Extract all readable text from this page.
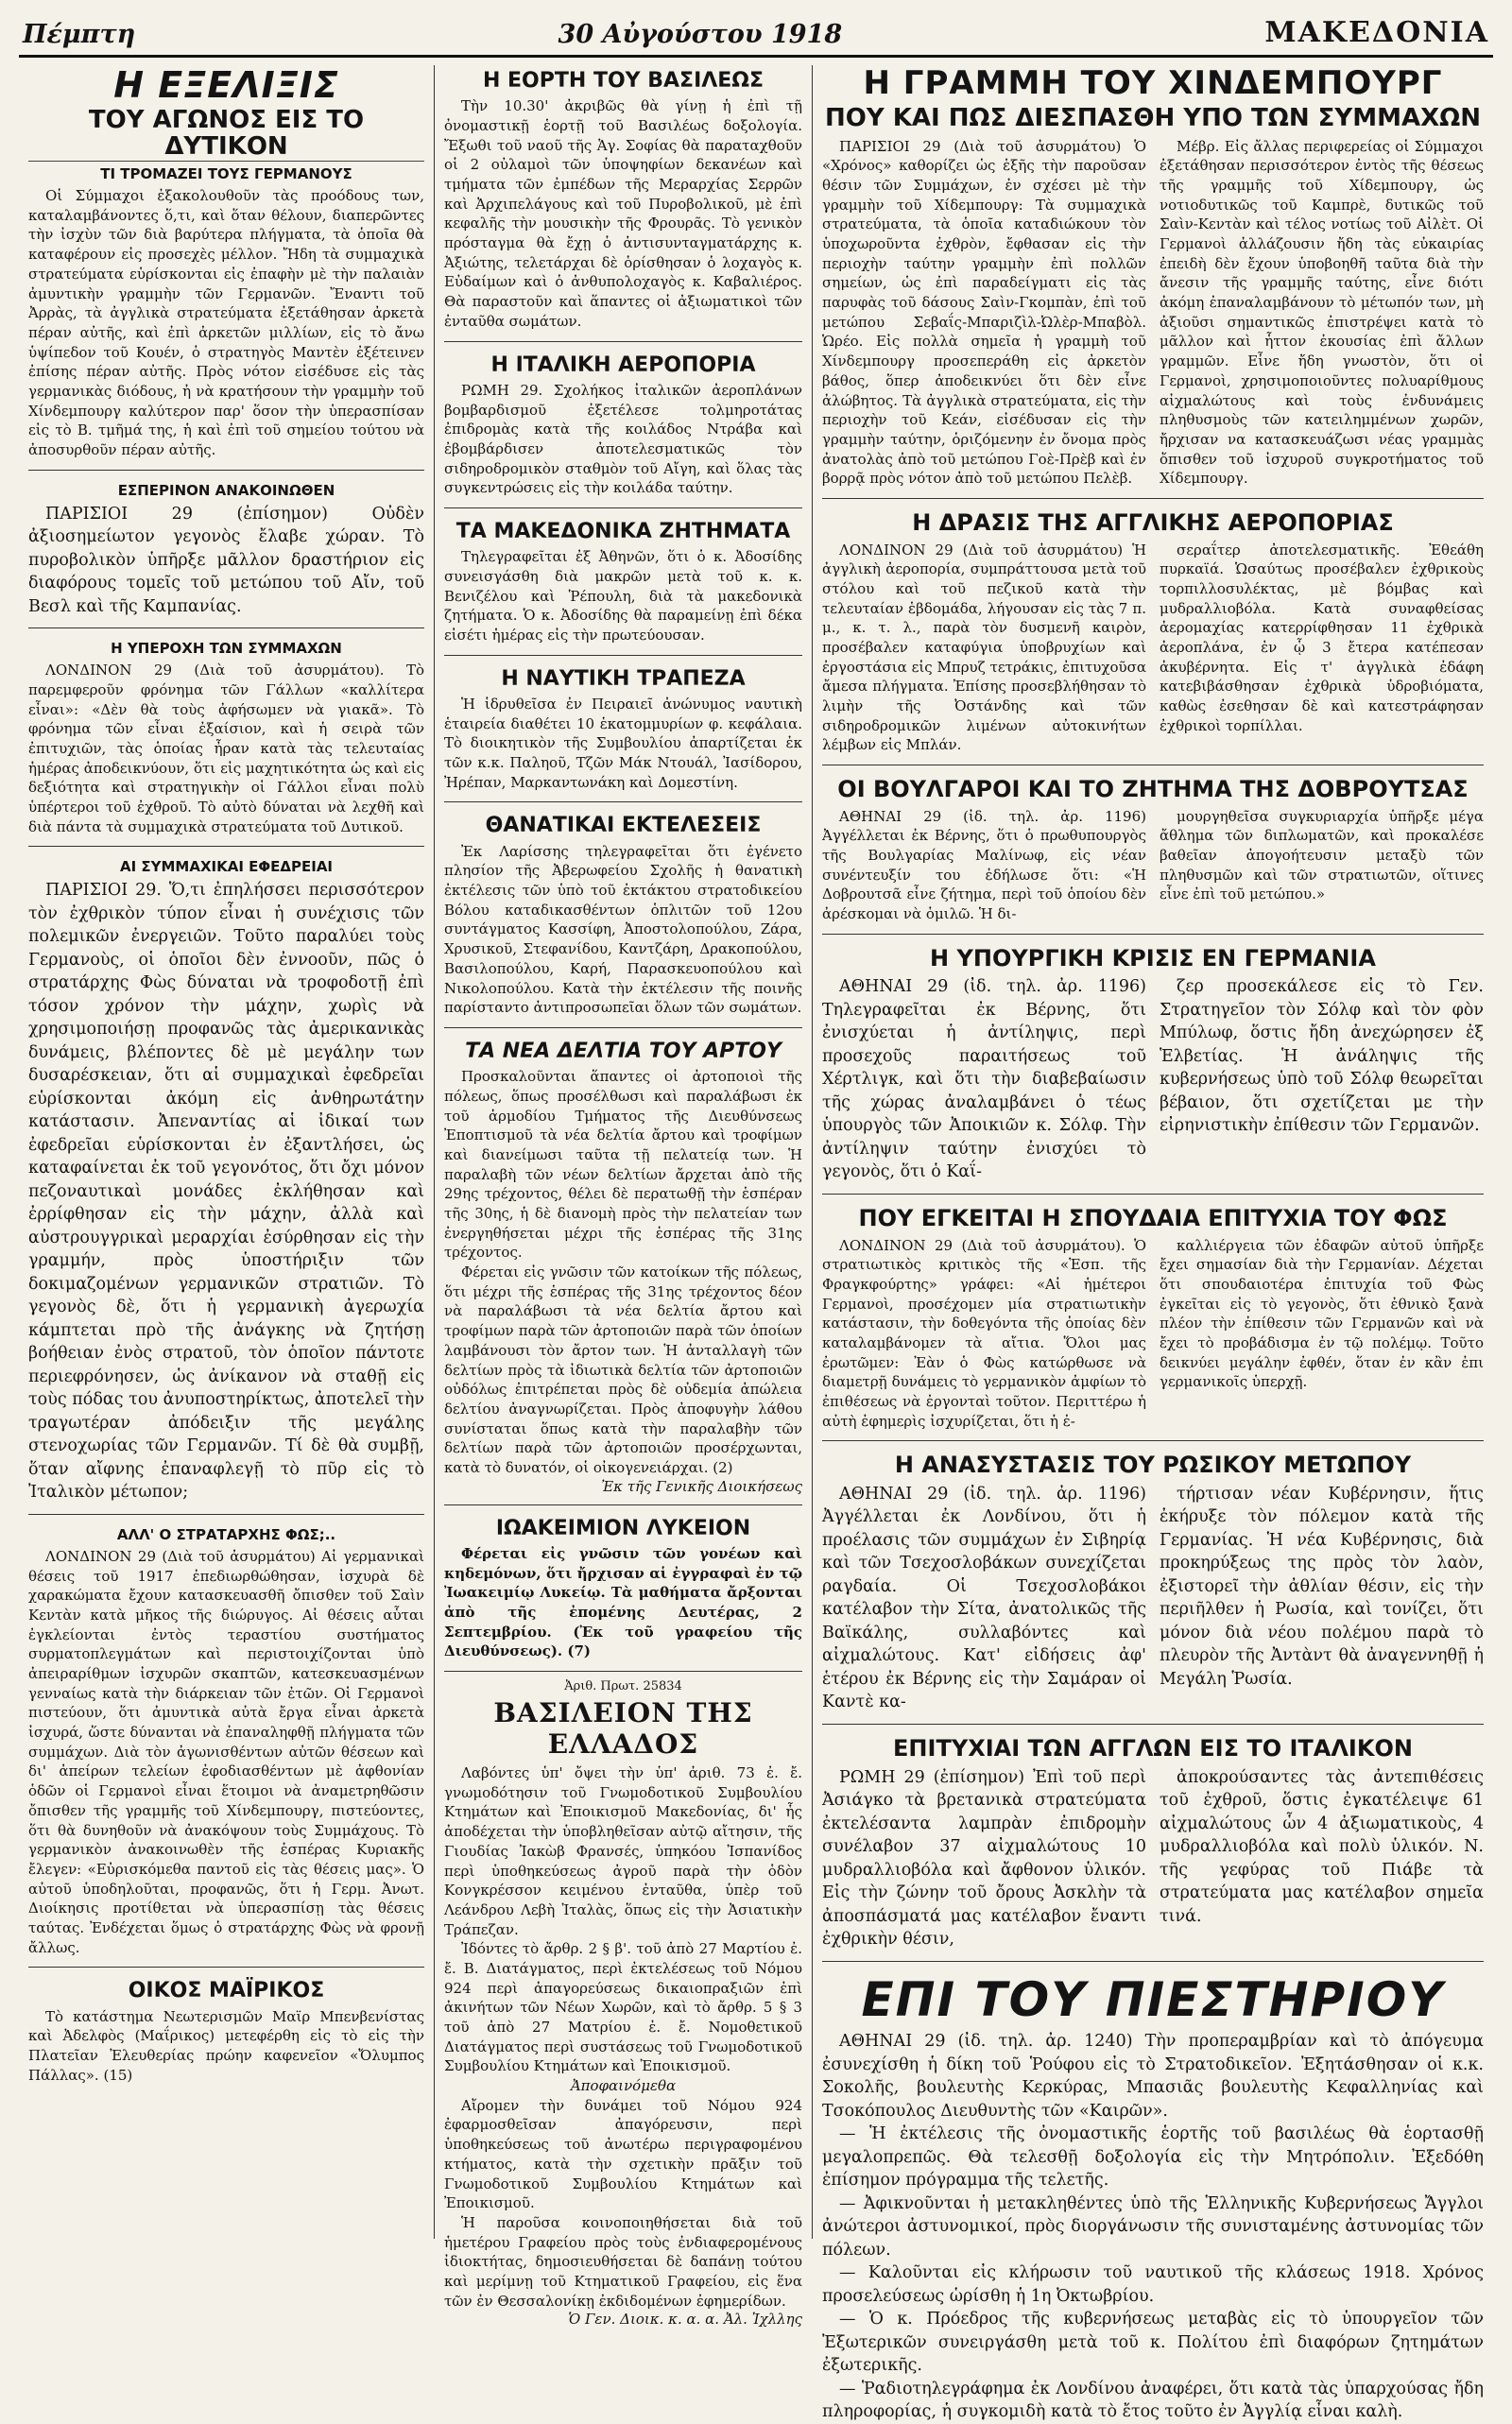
Πέμπτη	30 Αὐγούστου 1918	ΜΑΚΕΔΟΝΙΑ
Η ΕΞΕΛΙΞΙΣ
ΤΟΥ ΑΓΩΝΟΣ ΕΙΣ ΤΟ ΔΥΤΙΚΟΝ
ΤΙ ΤΡΟΜΑΖΕΙ ΤΟΥΣ ΓΕΡΜΑΝΟΥΣ

Οἱ Σύμμαχοι ἐξακολουθοῦν τὰς προόδους των, καταλαμβάνοντες ὅ,τι, καὶ ὅταν θέλουν, διαπερῶντες τὴν ἰσχὺν τῶν διὰ βαρύτερα πλήγματα, τὰ ὁποῖα θὰ καταφέρουν εἰς προσεχὲς μέλλον. Ἤδη τὰ συμμαχικὰ στρατεύματα εὑρίσκονται εἰς ἐπαφὴν μὲ τὴν παλαιὰν ἀμυντικὴν γραμμὴν τῶν Γερμανῶν. Ἔναντι τοῦ Ἀρρὰς, τὰ ἀγγλικὰ στρατεύματα ἐξετάθησαν ἀρκετὰ πέραν αὐτῆς, καὶ ἐπὶ ἀρκετῶν μιλλίων, εἰς τὸ ἄνω ὑψίπεδον τοῦ Κουέν, ὁ στρατηγὸς Μαντὲν ἐξέτεινεν ἐπίσης πέραν αὐτῆς. Πρὸς νότον εἰσέδυσε εἰς τὰς γερμανικὰς διόδους, ἡ νὰ κρατήσουν τὴν γραμμὴν τοῦ Χίνδεμπουργ καλύτερον παρ' ὅσον τὴν ὑπερασπίσαν εἰς τὸ Β. τμῆμά της, ἡ καὶ ἐπὶ τοῦ σημείου τούτου νὰ ἀποσυρθοῦν πέραν αὐτῆς.

ΕΣΠΕΡΙΝΟΝ ΑΝΑΚΟΙΝΩΘΕΝ

ΠΑΡΙΣΙΟΙ 29 (ἐπίσημον) Οὐδὲν ἀξιοσημείωτον γεγονὸς ἔλαβε χώραν. Τὸ πυροβολικὸν ὑπῆρξε μᾶλλον δραστήριον εἰς διαφόρους τομεῖς τοῦ μετώπου τοῦ Αἴν, τοῦ Βεσλ καὶ τῆς Καμπανίας.

Η ΥΠΕΡΟΧΗ ΤΩΝ ΣΥΜΜΑΧΩΝ

ΛΟΝΔΙΝΟΝ 29 (Διὰ τοῦ ἀσυρμάτου). Τὸ παρεμφεροῦν φρόνημα τῶν Γάλλων «καλλίτερα εἶναι»: «Δὲν θὰ τοὺς ἀφήσωμεν νὰ γιακᾶ». Τὸ φρόνημα τῶν εἶναι ἐξαίσιον, καὶ ἡ σειρὰ τῶν ἐπιτυχιῶν, τὰς ὁποίας ἦραν κατὰ τὰς τελευταίας ἡμέρας ἀποδεικνύουν, ὅτι εἰς μαχητικότητα ὡς καὶ εἰς δεξιότητα καὶ στρατηγικὴν οἱ Γάλλοι εἶναι πολὺ ὑπέρτεροι τοῦ ἐχθροῦ. Τὸ αὐτὸ δύναται νὰ λεχθῆ καὶ διὰ πάντα τὰ συμμαχικὰ στρατεύματα τοῦ Δυτικοῦ.

ΑΙ ΣΥΜΜΑΧΙΚΑΙ ΕΦΕΔΡΕΙΑΙ

ΠΑΡΙΣΙΟΙ 29. Ὅ,τι ἐπηλήσσει περισσότερον τὸν ἐχθρικὸν τύπον εἶναι ἡ συνέχισις τῶν πολεμικῶν ἐνεργειῶν. Τοῦτο παραλύει τοὺς Γερμανοὺς, οἱ ὁποῖοι δὲν ἐννοοῦν, πῶς ὁ στρατάρχης Φὼς δύναται νὰ τροφοδοτῇ ἐπὶ τόσον χρόνον τὴν μάχην, χωρὶς νὰ χρησιμοποιήσῃ προφανῶς τὰς ἀμερικανικὰς δυνάμεις, βλέποντες δὲ μὲ μεγάλην των δυσαρέσκειαν, ὅτι αἱ συμμαχικαὶ ἐφεδρεῖαι εὑρίσκονται ἀκόμη εἰς ἀνθηρωτάτην κατάστασιν. Ἀπεναντίας αἱ ἰδικαί των ἐφεδρεῖαι εὑρίσκονται ἐν ἐξαντλήσει, ὡς καταφαίνεται ἐκ τοῦ γεγονότος, ὅτι ὄχι μόνον πεζοναυτικαὶ μονάδες ἐκλήθησαν καὶ ἐρρίφθησαν εἰς τὴν μάχην, ἀλλὰ καὶ αὐστρουγγρικαὶ μεραρχίαι ἐσύρθησαν εἰς τὴν γραμμήν, πρὸς ὑποστήριξιν τῶν δοκιμαζομένων γερμανικῶν στρατιῶν. Τὸ γεγονὸς δὲ, ὅτι ἡ γερμανικὴ ἀγερωχία κάμπτεται πρὸ τῆς ἀνάγκης νὰ ζητήσῃ βοήθειαν ἐνὸς στρατοῦ, τὸν ὁποῖον πάντοτε περιεφρόνησεν, ὡς ἀνίκανον νὰ σταθῇ εἰς τοὺς πόδας του ἀνυποστηρίκτως, ἀποτελεῖ τὴν τραγωτέραν ἀπόδειξιν τῆς μεγάλης στενοχωρίας τῶν Γερμανῶν. Τί δὲ θὰ συμβῇ, ὅταν αἴφνης ἐπαναφλεγῇ τὸ πῦρ εἰς τὸ Ἰταλικὸν μέτωπον;

ΑΛΛ' Ο ΣΤΡΑΤΑΡΧΗΣ ΦΩΣ;..

ΛΟΝΔΙΝΟΝ 29 (Διὰ τοῦ ἀσυρμάτου) Αἱ γερμανικαὶ θέσεις τοῦ 1917 ἐπεδιωρθώθησαν, ἰσχυρὰ δὲ χαρακώματα ἔχουν κατασκευασθῆ ὄπισθεν τοῦ Σαὶν Κεντὰν κατὰ μῆκος τῆς διώρυγος. Αἱ θέσεις αὗται ἐγκλείονται ἐντὸς τεραστίου συστήματος συρματοπλεγμάτων καὶ περιστοιχίζονται ὑπὸ ἀπειραρίθμων ἰσχυρῶν σκαπτῶν, κατεσκευασμένων γενναίως κατὰ τὴν διάρκειαν τῶν ἐτῶν. Οἱ Γερμανοὶ πιστεύουν, ὅτι ἀμυντικὰ αὐτὰ ἔργα εἶναι ἀρκετὰ ἰσχυρά, ὥστε δύνανται νὰ ἐπαναληφθῇ πλήγματα τῶν συμμάχων. Διὰ τὸν ἀγωνισθέντων αὐτῶν θέσεων καὶ δι' ἀπείρων τελείων ἐφοδιασθέντων μὲ ἀφθονίαν ὁδῶν οἱ Γερμανοὶ εἶναι ἕτοιμοι νὰ ἀναμετρηθῶσιν ὄπισθεν τῆς γραμμῆς τοῦ Χίνδεμπουργ, πιστεύοντες, ὅτι θὰ δυνηθοῦν νὰ ἀνακόψουν τοὺς Συμμάχους. Τὸ γερμανικὸν ἀνακοινωθὲν τῆς ἑσπέρας Κυριακῆς ἔλεγεν: «Εὐρισκόμεθα παντοῦ εἰς τὰς θέσεις μας». Ὁ αὐτοῦ ὑποδηλοῦται, προφανῶς, ὅτι ἡ Γερμ. Ἀνωτ. Διοίκησις προτίθεται νὰ ὑπερασπίσῃ τὰς θέσεις ταύτας. Ἐνδέχεται ὅμως ὁ στρατάρχης Φὼς νὰ φρονῇ ἄλλως.

ΟΙΚΟΣ ΜΑΪΡΙΚΟΣ

Τὸ κατάστημα Νεωτερισμῶν Μαϊρ Μπενβενίστας καὶ Ἀδελφὸς (Μαΐρικος) μετεφέρθη εἰς τὸ εἰς τὴν Πλατεῖαν Ἐλευθερίας πρώην καφενεῖον «Ὄλυμπος Πάλλας». (15)

Η ΕΟΡΤΗ ΤΟΥ ΒΑΣΙΛΕΩΣ

Τὴν 10.30' ἀκριβῶς θὰ γίνῃ ἡ ἐπὶ τῇ ὀνομαστικῇ ἑορτῇ τοῦ Βασιλέως δοξολογία. Ἔξωθι τοῦ ναοῦ τῆς Ἁγ. Σοφίας θὰ παραταχθοῦν οἱ 2 οὐλαμοὶ τῶν ὑποψηφίων δεκανέων καὶ τμήματα τῶν ἐμπέδων τῆς Μεραρχίας Σερρῶν καὶ Ἀρχιπελάγους καὶ τοῦ Πυροβολικοῦ, μὲ ἐπὶ κεφαλῆς τὴν μουσικὴν τῆς Φρουρᾶς. Τὸ γενικὸν πρόσταγμα θὰ ἔχῃ ὁ ἀντισυνταγματάρχης κ. Ἀξιώτης, τελετάρχαι δὲ ὁρίσθησαν ὁ λοχαγὸς κ. Εὐδαίμων καὶ ὁ ἀνθυπολοχαγὸς κ. Καβαλιέρος. Θὰ παραστοῦν καὶ ἅπαντες οἱ ἀξιωματικοὶ τῶν ἐνταῦθα σωμάτων.

Η ΙΤΑΛΙΚΗ ΑΕΡΟΠΟΡΙΑ

ΡΩΜΗ 29. Σχολήκος ἰταλικῶν ἀεροπλάνων βομβαρδισμοῦ ἐξετέλεσε τολμηροτάτας ἐπιδρομὰς κατὰ τῆς κοιλάδος Ντράβα καὶ ἐβομβάρδισεν ἀποτελεσματικῶς τὸν σιδηροδρομικὸν σταθμὸν τοῦ Αἴγη, καὶ ὅλας τὰς συγκεντρώσεις εἰς τὴν κοιλάδα ταύτην.

ΤΑ ΜΑΚΕΔΟΝΙΚΑ ΖΗΤΗΜΑΤΑ

Τηλεγραφεῖται ἐξ Ἀθηνῶν, ὅτι ὁ κ. Ἀδοσίδης συνεισγάσθη διὰ μακρῶν μετὰ τοῦ κ. κ. Βενιζέλου καὶ Ῥέπουλη, διὰ τὰ μακεδονικὰ ζητήματα. Ὁ κ. Ἀδοσίδης θὰ παραμείνῃ ἐπὶ δέκα εἰσέτι ἡμέρας εἰς τὴν πρωτεύουσαν.

Η ΝΑΥΤΙΚΗ ΤΡΑΠΕΖΑ

Ἡ ἱδρυθεῖσα ἐν Πειραιεῖ ἀνώνυμος ναυτικὴ ἑταιρεία διαθέτει 10 ἑκατομμυρίων φ. κεφάλαια. Τὸ διοικητικὸν τῆς Συμβουλίου ἀπαρτίζεται ἐκ τῶν κ.κ. Παληοῦ, Τζῶν Μάκ Ντουάλ, Ἰασίδορου, Ἠρέπαν, Μαρκαντωνάκη καὶ Δομεστίνη.

ΘΑΝΑΤΙΚΑΙ ΕΚΤΕΛΕΣΕΙΣ

Ἐκ Λαρίσσης τηλεγραφεῖται ὅτι ἐγένετο πλησίον τῆς Ἀβερωφείου Σχολῆς ἡ θανατικὴ ἐκτέλεσις τῶν ὑπὸ τοῦ ἐκτάκτου στρατοδικείου Βόλου καταδικασθέντων ὁπλιτῶν τοῦ 12ου συντάγματος Κασσίφη, Ἀποστολοπούλου, Ζάρα, Χρυσικοῦ, Στεφανίδου, Καντζάρη, Δρακοπούλου, Βασιλοπούλου, Καρή, Παρασκευοπούλου καὶ Νικολοπούλου. Κατὰ τὴν ἐκτέλεσιν τῆς ποινῆς παρίσταντο ἀντιπροσωπεῖαι ὅλων τῶν σωμάτων.

ΤΑ ΝΕΑ ΔΕΛΤΙΑ ΤΟΥ ΑΡΤΟΥ

Προσκαλοῦνται ἅπαντες οἱ ἀρτοποιοὶ τῆς πόλεως, ὅπως προσέλθωσι καὶ παραλάβωσι ἐκ τοῦ ἁρμοδίου Τμήματος τῆς Διευθύνσεως Ἐποπτισμοῦ τὰ νέα δελτία ἄρτου καὶ τροφίμων καὶ διανείμωσι ταῦτα τῇ πελατείᾳ των. Ἡ παραλαβὴ τῶν νέων δελτίων ἄρχεται ἀπὸ τῆς 29ης τρέχοντος, θέλει δὲ περατωθῇ τὴν ἑσπέραν τῆς 30ης, ἡ δὲ διανομὴ πρὸς τὴν πελατείαν των ἐνεργηθήσεται μέχρι τῆς ἑσπέρας τῆς 31ης τρέχοντος.

Φέρεται εἰς γνῶσιν τῶν κατοίκων τῆς πόλεως, ὅτι μέχρι τῆς ἑσπέρας τῆς 31ης τρέχοντος δέον νὰ παραλάβωσι τὰ νέα δελτία ἄρτου καὶ τροφίμων παρὰ τῶν ἀρτοποιῶν παρὰ τῶν ὁποίων λαμβάνουσι τὸν ἄρτον των. Ἡ ἀνταλλαγὴ τῶν δελτίων πρὸς τὰ ἰδιωτικὰ δελτία τῶν ἀρτοποιῶν οὐδόλως ἐπιτρέπεται πρὸς δὲ οὐδεμία ἀπώλεια δελτίου ἀναγνωρίζεται. Πρὸς ἀποφυγὴν λάθου συνίσταται ὅπως κατὰ τὴν παραλαβὴν τῶν δελτίων παρὰ τῶν ἀρτοποιῶν προσέρχωνται, κατὰ τὸ δυνατόν, οἱ οἰκογενειάρχαι. (2)

Ἐκ τῆς Γενικῆς Διοικήσεως

ΙΩΑΚΕΙΜΙΟΝ ΛΥΚΕΙΟΝ

Φέρεται εἰς γνῶσιν τῶν γονέων καὶ κηδεμόνων, ὅτι ἤρχισαν αἱ ἐγγραφαὶ ἐν τῷ Ἰωακειμίῳ Λυκείῳ. Τὰ μαθήματα ἄρξονται ἀπὸ τῆς ἐπομένης Δευτέρας, 2 Σεπτεμβρίου. (Ἐκ τοῦ γραφείου τῆς Διευθύνσεως). (7)

Ἀριθ. Πρωτ. 25834

ΒΑΣΙΛΕΙΟΝ ΤΗΣ ΕΛΛΑΔΟΣ

Λαβόντες ὑπ' ὄψει τὴν ὑπ' ἀριθ. 73 ἐ. ἔ. γνωμοδότησιν τοῦ Γνωμοδοτικοῦ Συμβουλίου Κτημάτων καὶ Ἐποικισμοῦ Μακεδονίας, δι' ἧς ἀποδέχεται τὴν ὑποβληθεῖσαν αὐτῷ αἴτησιν, τῆς Γιουδίας Ἰακὼβ Φρανσές, ὑπηκόου Ἰσπανίδος περὶ ὑποθηκεύσεως ἀγροῦ παρὰ τὴν ὁδὸν Κονγκρέσσον κειμένου ἐνταῦθα, ὑπὲρ τοῦ Λεάνδρου Λεβὴ Ἰταλὰς, ὅπως εἰς τὴν Ἀσιατικὴν Τράπεζαν.

Ἰδόντες τὸ ἄρθρ. 2 § β'. τοῦ ἀπὸ 27 Μαρτίου ἐ. ἔ. Β. Διατάγματος, περὶ ἐκτελέσεως τοῦ Νόμου 924 περὶ ἀπαγορεύσεως δικαιοπραξιῶν ἐπὶ ἀκινήτων τῶν Νέων Χωρῶν, καὶ τὸ ἄρθρ. 5 § 3 τοῦ ἀπὸ 27 Ματρίου ἐ. ἔ. Νομοθετικοῦ Διατάγματος περὶ συστάσεως τοῦ Γνωμοδοτικοῦ Συμβουλίου Κτημάτων καὶ Ἐποικισμοῦ.

Ἀποφαινόμεθα

Αἴρομεν τὴν δυνάμει τοῦ Νόμου 924 ἐφαρμοσθεῖσαν ἀπαγόρευσιν, περὶ ὑποθηκεύσεως τοῦ ἀνωτέρω περιγραφομένου κτήματος, κατὰ τὴν σχετικὴν πρᾶξιν τοῦ Γνωμοδοτικοῦ Συμβουλίου Κτημάτων καὶ Ἐποικισμοῦ.

Ἡ παροῦσα κοινοποιηθήσεται διὰ τοῦ ἡμετέρου Γραφείου πρὸς τοὺς ἐνδιαφερομένους ἰδιοκτήτας, δημοσιευθήσεται δὲ δαπάνῃ τούτου καὶ μερίμνῃ τοῦ Κτηματικοῦ Γραφείου, εἰς ἕνα τῶν ἐν Θεσσαλονίκῃ ἐκδιδομένων ἐφημερίδων.

Ὁ Γεν. Διοικ. κ. α. α. Ἀλ. Ἰχλλης

Η ΓΡΑΜΜΗ ΤΟΥ ΧΙΝΔΕΜΠΟΥΡΓ
ΠΟΥ ΚΑΙ ΠΩΣ ΔΙΕΣΠΑΣΘΗ ΥΠΟ ΤΩΝ ΣΥΜΜΑΧΩΝ

ΠΑΡΙΣΙΟΙ 29 (Διὰ τοῦ ἀσυρμάτου) Ὁ «Χρόνος» καθορίζει ὡς ἑξῆς τὴν παροῦσαν θέσιν τῶν Συμμάχων, ἐν σχέσει μὲ τὴν γραμμὴν τοῦ Χίδεμπουργ: Τὰ συμμαχικὰ στρατεύματα, τὰ ὁποῖα καταδιώκουν τὸν ὑποχωροῦντα ἐχθρὸν, ἔφθασαν εἰς τὴν περιοχὴν ταύτην γραμμὴν ἐπὶ πολλῶν σημείων, ὡς ἐπὶ παραδείγματι εἰς τὰς παρυφὰς τοῦ δάσους Σαὶν-Γκομπὰν, ἐπὶ τοῦ μετώπου Σεβαΐς-Μπαριζὶλ-Ὠλὲρ-Μπαβὸλ. Ὡρέο. Εἰς πολλὰ σημεῖα ἡ γραμμὴ τοῦ Χίνδεμπουργ προσεπεράθη εἰς ἀρκετὸν βάθος, ὅπερ ἀποδεικνύει ὅτι δὲν εἶνε ἀλώβητος. Τὰ ἀγγλικὰ στρατεύματα, εἰς τὴν περιοχὴν τοῦ Κεάν, εἰσέδυσαν εἰς τὴν γραμμὴν ταύτην, ὁριζόμενην ἐν ὄνομα πρὸς ἀνατολὰς ἀπὸ τοῦ μετώπου Γοὲ-Πρὲβ καὶ ἐν βορρᾷ πρὸς νότον ἀπὸ τοῦ μετώπου Πελὲβ.

Μέβρ. Εἰς ἄλλας περιφερείας οἱ Σύμμαχοι ἐξετάθησαν περισσότερον ἐντὸς τῆς θέσεως τῆς γραμμῆς τοῦ Χίδεμπουργ, ὡς νοτιοδυτικῶς τοῦ Καμπρὲ, δυτικῶς τοῦ Σαὶν-Κεντὰν καὶ τέλος νοτίως τοῦ Αἰλὲτ. Οἱ Γερμανοὶ ἀλλάζουσιν ἤδη τὰς εὐκαιρίας ἐπειδὴ δὲν ἔχουν ὑποβοηθῆ ταῦτα διὰ τὴν ἄνεσιν τῆς γραμμῆς ταύτης, εἶνε διότι ἀκόμη ἐπαναλαμβάνουν τὸ μέτωπόν των, μὴ ἀξιοῦσι σημαντικῶς ἐπιστρέψει κατὰ τὸ μᾶλλον καὶ ἧττον ἐκουσίας ἐπὶ ἄλλων γραμμῶν. Εἶνε ἤδη γνωστὸν, ὅτι οἱ Γερμανοὶ, χρησιμοποιοῦντες πολυαρίθμους αἰχμαλώτους καὶ τοὺς ἐνδυνάμεις πληθυσμοὺς τῶν κατειλημμένων χωρῶν, ἤρχισαν να κατασκευάζωσι νέας γραμμὰς ὄπισθεν τοῦ ἰσχυροῦ συγκροτήματος τοῦ Χίδεμπουργ.

Η ΔΡΑΣΙΣ ΤΗΣ ΑΓΓΛΙΚΗΣ ΑΕΡΟΠΟΡΙΑΣ

ΛΟΝΔΙΝΟΝ 29 (Διὰ τοῦ ἀσυρμάτου) Ἡ ἀγγλικὴ ἀεροπορία, συμπράττουσα μετὰ τοῦ στόλου καὶ τοῦ πεζικοῦ κατὰ τὴν τελευταίαν ἑβδομάδα, λήγουσαν εἰς τὰς 7 π. μ., κ. τ. λ., παρὰ τὸν δυσμενῆ καιρὸν, προσέβαλεν καταφύγια ὑποβρυχίων καὶ ἐργοστάσια εἰς Μπρυζ τετράκις, ἐπιτυχοῦσα ἄμεσα πλήγματα. Ἐπίσης προσεβλήθησαν τὸ λιμὴν τῆς Ὀστάνδης καὶ τῶν σιδηροδρομικῶν λιμένων αὐτοκινήτων λέμβων εἰς Μπλάν.

σεραΐτερ ἀποτελεσματικῆς. Ἐθεάθη πυρκαϊά. Ὡσαύτως προσέβαλεν ἐχθρικοὺς τορπιλλοσυλέκτας, μὲ βόμβας καὶ μυδραλλιοβόλα. Κατὰ συναφθείσας ἀερομαχίας κατερρίφθησαν 11 ἐχθρικὰ ἀεροπλάνα, ἐν ᾧ 3 ἔτερα κατέπεσαν ἀκυβέρνητα. Εἰς τ' ἀγγλικὰ ἐδάφη κατεβιβάσθησαν ἐχθρικὰ ὑδροβιόματα, καθὼς ἐσεθησαν δὲ καὶ κατεστράφησαν ἐχθρικοὶ τορπίλλαι.

ΟΙ ΒΟΥΛΓΑΡΟΙ ΚΑΙ ΤΟ ΖΗΤΗΜΑ ΤΗΣ ΔΟΒΡΟΥΤΣΑΣ

ΑΘΗΝΑΙ 29 (ἰδ. τηλ. ἀρ. 1196) Ἀγγέλλεται ἐκ Βέρνης, ὅτι ὁ πρωθυπουργὸς τῆς Βουλγαρίας Μαλίνωφ, εἰς νέαν συνέντευξίν του ἐδήλωσε ὅτι: «Ἡ Δοβρουτσᾶ εἶνε ζήτημα, περὶ τοῦ ὁποίου δὲν ἀρέσκομαι νὰ ὁμιλῶ. Ἡ δι-

μουργηθεῖσα συγκυριαρχία ὑπῆρξε μέγα ἄθλημα τῶν διπλωματῶν, καὶ προκαλέσε βαθεῖαν ἀπογοήτευσιν μεταξὺ τῶν πληθυσμῶν καὶ τῶν στρατιωτῶν, οἵτινες εἶνε ἐπὶ τοῦ μετώπου.»

Η ΥΠΟΥΡΓΙΚΗ ΚΡΙΣΙΣ ΕΝ ΓΕΡΜΑΝΙΑ

ΑΘΗΝΑΙ 29 (ἰδ. τηλ. ἀρ. 1196) Τηλεγραφεῖται ἐκ Βέρνης, ὅτι ἐνισχύεται ἡ ἀντίληψις, περὶ προσεχοῦς παραιτήσεως τοῦ Χέρτλιγκ, καὶ ὅτι τὴν διαβεβαίωσιν τῆς χώρας ἀναλαμβάνει ὁ τέως ὑπουργὸς τῶν Ἀποικιῶν κ. Σόλφ. Τὴν ἀντίληψιν ταύτην ἐνισχύει τὸ γεγονὸς, ὅτι ὁ Καΐ-

ζερ προσεκάλεσε εἰς τὸ Γεν. Στρατηγεῖον τὸν Σόλφ καὶ τὸν φὸν Μπύλωφ, ὅστις ἤδη ἀνεχώρησεν ἐξ Ἑλβετίας. Ἡ ἀνάληψις τῆς κυβερνήσεως ὑπὸ τοῦ Σόλφ θεωρεῖται βέβαιον, ὅτι σχετίζεται με τὴν εἰρηνιστικὴν ἐπίθεσιν τῶν Γερμανῶν.

ΠΟΥ ΕΓΚΕΙΤΑΙ Η ΣΠΟΥΔΑΙΑ ΕΠΙΤΥΧΙΑ ΤΟΥ ΦΩΣ

ΛΟΝΔΙΝΟΝ 29 (Διὰ τοῦ ἀσυρμάτου). Ὁ στρατιωτικὸς κριτικὸς τῆς «Ἑσπ. τῆς Φραγκφούρτης» γράφει: «Αἱ ἡμέτεροι Γερμανοὶ, προσέχομεν μία στρατιωτικὴν κατάστασιν, τὴν δοθεγόντα τῆς ὁποίας δὲν καταλαμβάνομεν τὰ αἴτια. Ὅλοι μας ἐρωτῶμεν: Ἐὰν ὁ Φὼς κατώρθωσε νὰ διαμετρῇ δυνάμεις τὸ γερμανικὸν ἀμφίων τὸ ἐπιθέσεως νὰ ἐργονταὶ τοῦτον. Περιττέρω ἡ αὐτὴ ἐφημερὶς ἰσχυρίζεται, ὅτι ἡ ἐ-

καλλιέργεια τῶν ἐδαφῶν αὐτοῦ ὑπῆρξε ἔχει σημασίαν διὰ τὴν Γερμανίαν. Δέχεται ὅτι σπουδαιοτέρα ἐπιτυχία τοῦ Φὼς ἐγκεῖται εἰς τὸ γεγονὸς, ὅτι ἐθνικὸ ξανὰ πλέον τὴν ἐπίθεσιν τῶν Γερμανῶν καὶ νὰ ἔχει τὸ προβάδισμα ἐν τῷ πολέμῳ. Τοῦτο δεικνύει μεγάλην ἐφθέν, ὅταν ἐν κἂν ἐπι γερμανικοῖς ὑπερχῇ.

Η ΑΝΑΣΥΣΤΑΣΙΣ ΤΟΥ ΡΩΣΙΚΟΥ ΜΕΤΩΠΟΥ

ΑΘΗΝΑΙ 29 (ἰδ. τηλ. ἀρ. 1196) Ἀγγέλλεται ἐκ Λονδίνου, ὅτι ἡ προέλασις τῶν συμμάχων ἐν Σιβηρίᾳ καὶ τῶν Τσεχοσλοβάκων συνεχίζεται ραγδαία. Οἱ Τσεχοσλοβάκοι κατέλαβον τὴν Σίτα, ἀνατολικῶς τῆς Βαϊκάλης, συλλαβόντες καὶ αἰχμαλώτους. Κατ' εἰδήσεις ἀφ' ἑτέρου ἐκ Βέρνης εἰς τὴν Σαμάραν οἱ Καντὲ κα-

τήρτισαν νέαν Κυβέρνησιν, ἥτις ἐκήρυξε τὸν πόλεμον κατὰ τῆς Γερμανίας. Ἡ νέα Κυβέρνησις, διὰ προκηρύξεως της πρὸς τὸν λαὸν, ἐξιστορεῖ τὴν ἀθλίαν θέσιν, εἰς τὴν περιῆλθεν ἡ Ρωσία, καὶ τονίζει, ὅτι μόνον διὰ νέου πολέμου παρὰ τὸ πλευρὸν τῆς Ἀντὰντ θὰ ἀναγεννηθῇ ἡ Μεγάλη Ῥωσία.

ΕΠΙΤΥΧΙΑΙ ΤΩΝ ΑΓΓΛΩΝ ΕΙΣ ΤΟ ΙΤΑΛΙΚΟΝ

ΡΩΜΗ 29 (ἐπίσημον) Ἐπὶ τοῦ περὶ Ἀσιάγκο τὰ βρετανικὰ στρατεύματα ἐκτελέσαντα λαμπρὰν ἐπιδρομὴν συνέλαβον 37 αἰχμαλώτους 10 μυδραλλιοβόλα καὶ ἄφθονον ὑλικόν. Εἰς τὴν ζώνην τοῦ ὄρους Ἀσκλὴν τὰ ἀποσπάσματά μας κατέλαβον ἔναντι ἐχθρικὴν θέσιν,

ἀποκρούσαντες τὰς ἀντεπιθέσεις τοῦ ἐχθροῦ, ὅστις ἐγκατέλειψε 61 αἰχμαλώτους ὧν 4 ἀξιωματικοὺς, 4 μυδραλλιοβόλα καὶ πολὺ ὑλικόν. Ν. τῆς γεφύρας τοῦ Πιάβε τὰ στρατεύματα μας κατέλαβον σημεῖα τινά.

ΕΠΙ ΤΟΥ ΠΙΕΣΤΗΡΙΟΥ

ΑΘΗΝΑΙ 29 (ἰδ. τηλ. ἀρ. 1240) Τὴν προπεραμβρίαν καὶ τὸ ἀπόγευμα ἐσυνεχίσθη ἡ δίκη τοῦ Ῥούφου εἰς τὸ Στρατοδικεῖον. Ἐξητάσθησαν οἱ κ.κ. Σοκολῆς, βουλευτὴς Κερκύρας, Μπασιᾶς βουλευτὴς Κεφαλληνίας καὶ Τσοκόπουλος Διευθυντὴς τῶν «Καιρῶν».

— Ἡ ἐκτέλεσις τῆς ὀνομαστικῆς ἑορτῆς τοῦ βασιλέως θὰ ἑορτασθῇ μεγαλοπρεπῶς. Θὰ τελεσθῇ δοξολογία εἰς τὴν Μητρόπολιν. Ἐξεδόθη ἐπίσημον πρόγραμμα τῆς τελετῆς.

— Ἀφικνοῦνται ἡ μετακληθέντες ὑπὸ τῆς Ἑλληνικῆς Κυβερνήσεως Ἄγγλοι ἀνώτεροι ἀστυνομικοί, πρὸς διοργάνωσιν τῆς συνισταμένης ἀστυνομίας τῶν πόλεων.

— Καλοῦνται εἰς κλήρωσιν τοῦ ναυτικοῦ τῆς κλάσεως 1918. Χρόνος προσελεύσεως ὡρίσθη ἡ 1η Ὀκτωβρίου.

— Ὁ κ. Πρόεδρος τῆς κυβερνήσεως μεταβὰς εἰς τὸ ὑπουργεῖον τῶν Ἐξωτερικῶν συνειργάσθη μετὰ τοῦ κ. Πολίτου ἐπὶ διαφόρων ζητημάτων ἐξωτερικῆς.

— Ῥαδιοτηλεγράφημα ἐκ Λονδίνου ἀναφέρει, ὅτι κατὰ τὰς ὑπαρχούσας ἤδη πληροφορίας, ἡ συγκομιδὴ κατὰ τὸ ἔτος τοῦτο ἐν Ἀγγλίᾳ εἶναι καλὴ.
